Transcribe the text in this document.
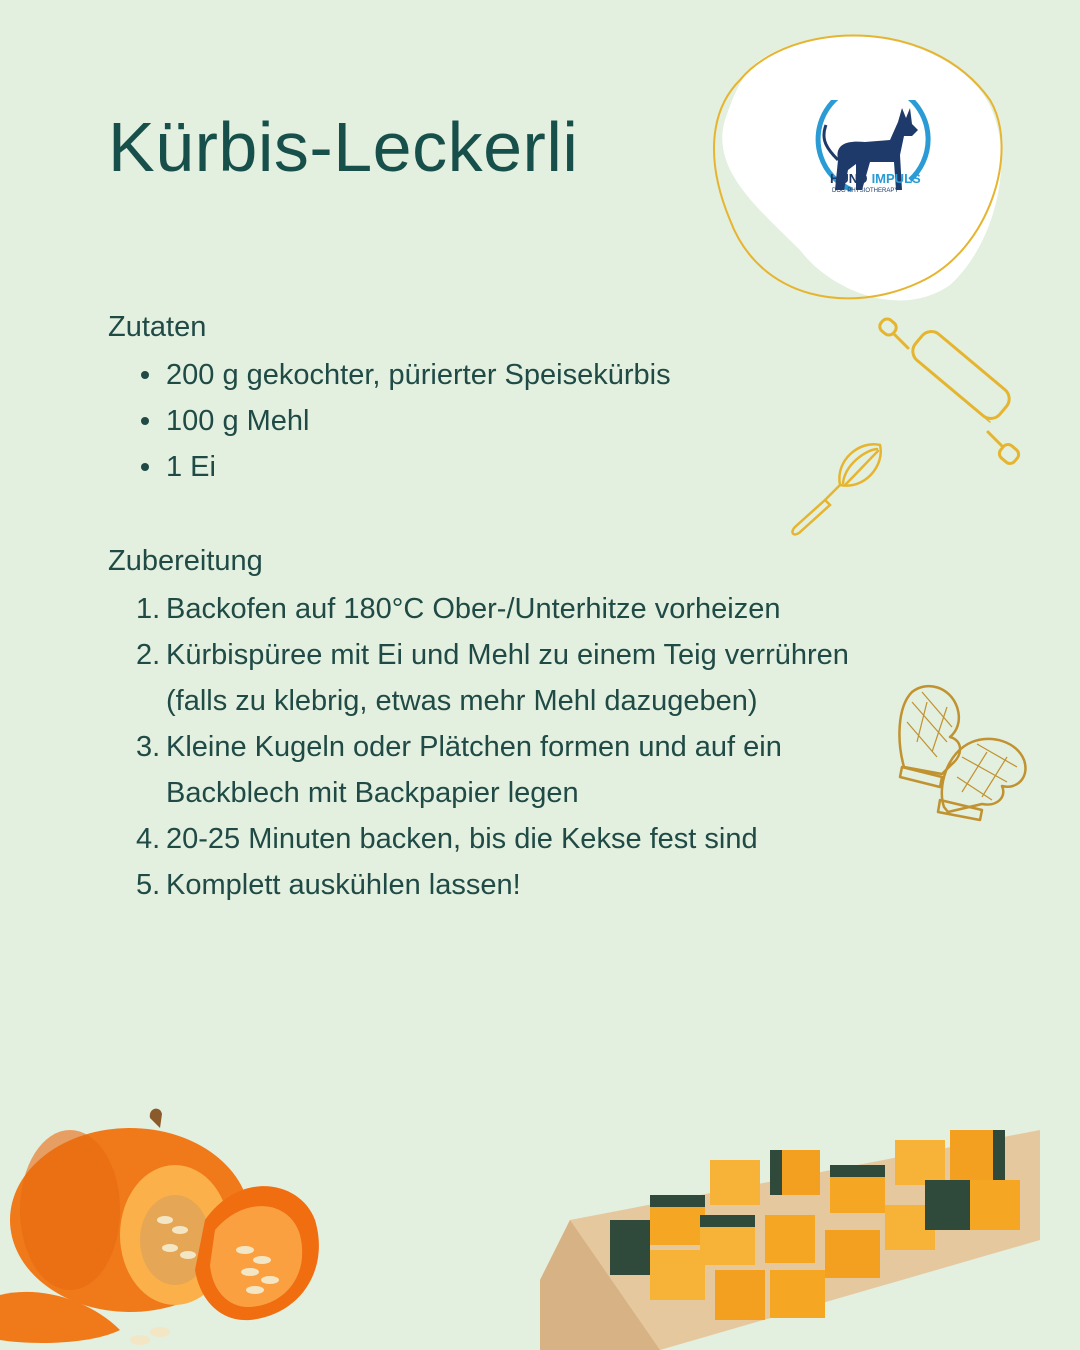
Kürbis-Leckerli	HUND IMPULS
DOG PHYSIOTHERAPY
Zutaten
200 g gekochter, pürierter Speisekürbis
100 g Mehl
1 Ei
Zubereitung
1. Backofen auf 180°C Ober-/Unterhitze vorheizen
2. Kürbispüree mit Ei und Mehl zu einem Teig verrühren (falls zu klebrig, etwas mehr Mehl dazugeben)
3. Kleine Kugeln oder Plätchen formen und auf ein Backblech mit Backpapier legen
4. 20-25 Minuten backen, bis die Kekse fest sind
5. Komplett auskühlen lassen!
